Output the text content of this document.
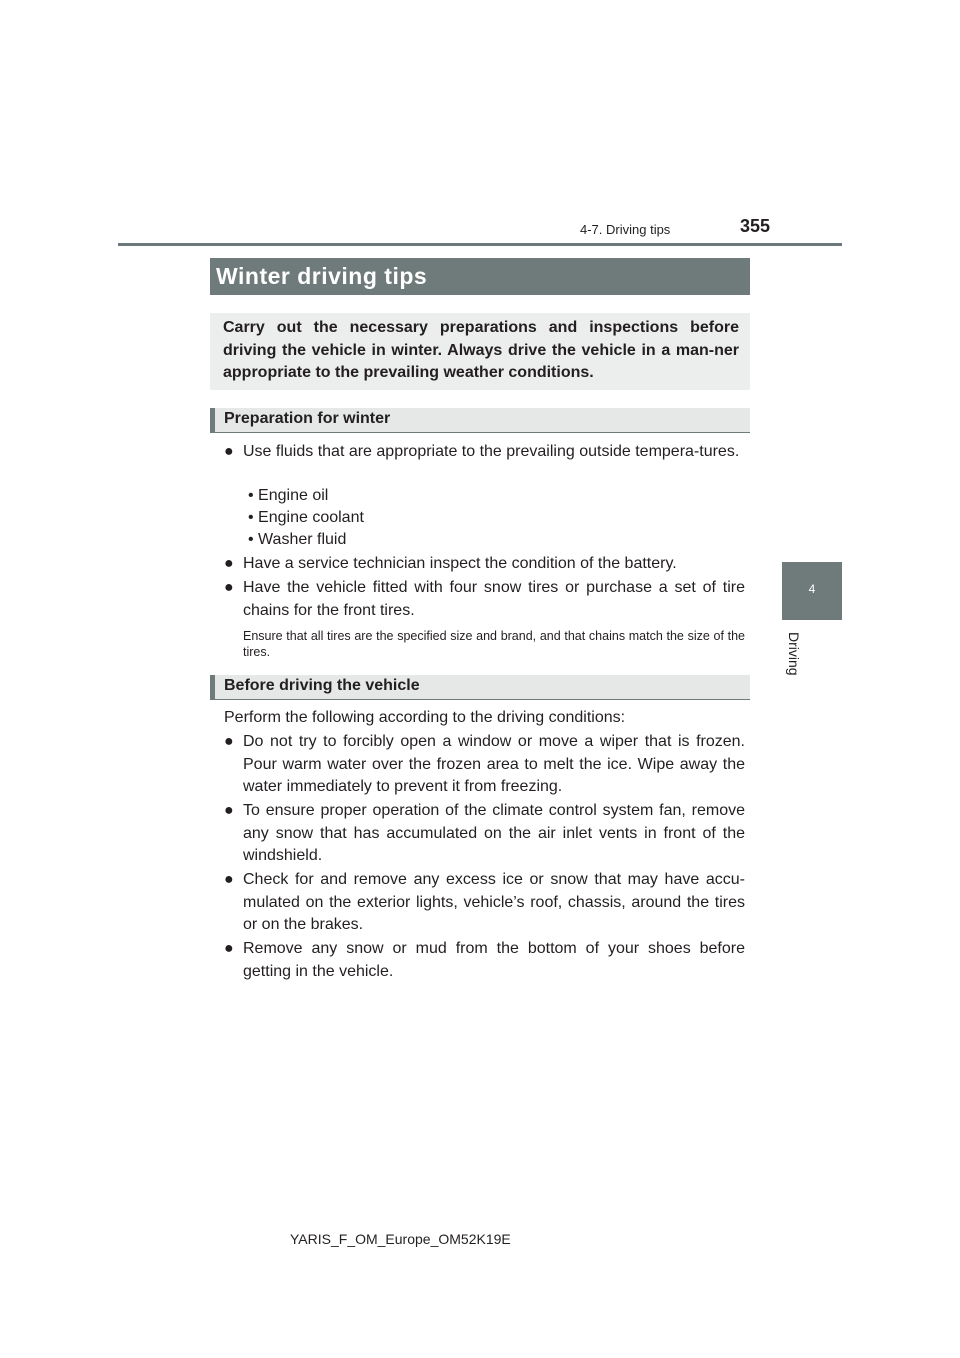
4-7. Driving tips	355
4
Driving
Winter driving tips
Carry out the necessary preparations and inspections before driving the vehicle in winter. Always drive the vehicle in a man-ner appropriate to the prevailing weather conditions.
Preparation for winter
● Use fluids that are appropriate to the prevailing outside tempera-tures.
• Engine oil
• Engine coolant
• Washer fluid
● Have a service technician inspect the condition of the battery.
● Have the vehicle fitted with four snow tires or purchase a set of tire chains for the front tires.
Ensure that all tires are the specified size and brand, and that chains match the size of the tires.
Before driving the vehicle
Perform the following according to the driving conditions:
● Do not try to forcibly open a window or move a wiper that is frozen. Pour warm water over the frozen area to melt the ice. Wipe away the water immediately to prevent it from freezing.
● To ensure proper operation of the climate control system fan, remove any snow that has accumulated on the air inlet vents in front of the windshield.
● Check for and remove any excess ice or snow that may have accu-mulated on the exterior lights, vehicle’s roof, chassis, around the tires or on the brakes.
● Remove any snow or mud from the bottom of your shoes before getting in the vehicle.
YARIS_F_OM_Europe_OM52K19E
